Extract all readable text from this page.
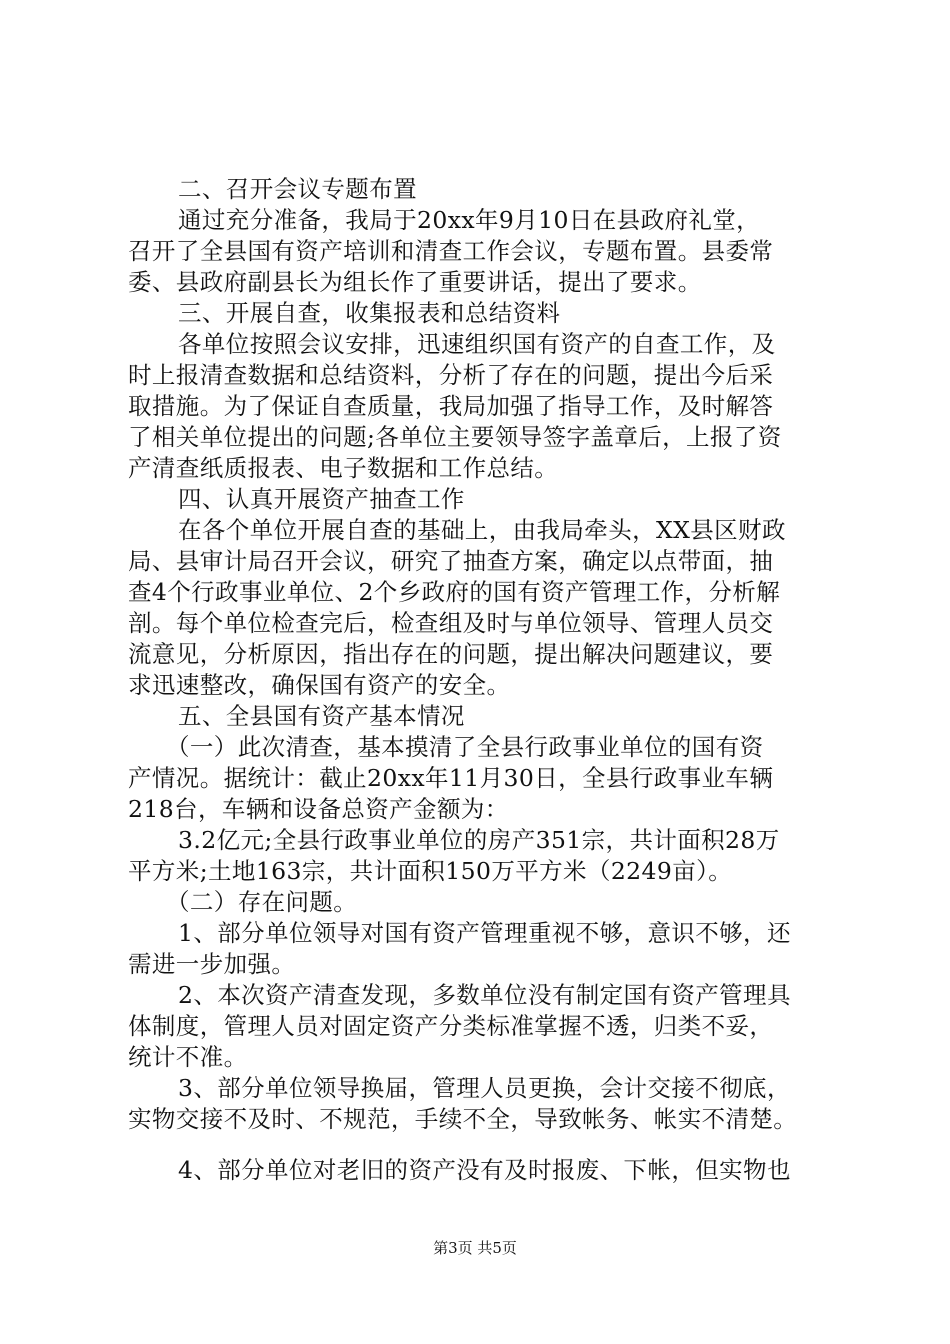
二、召开会议专题布置
通过充分准备，我局于20xx年9月10日在县政府礼堂，
召开了全县国有资产培训和清查工作会议，专题布置。县委常
委、县政府副县长为组长作了重要讲话，提出了要求。
三、开展自查，收集报表和总结资料
各单位按照会议安排，迅速组织国有资产的自查工作，及
时上报清查数据和总结资料，分析了存在的问题，提出今后采
取措施。为了保证自查质量，我局加强了指导工作，及时解答
了相关单位提出的问题;各单位主要领导签字盖章后，上报了资
产清查纸质报表、电子数据和工作总结。
四、认真开展资产抽查工作
在各个单位开展自查的基础上，由我局牵头，XX县区财政
局、县审计局召开会议，研究了抽查方案，确定以点带面，抽
查4个行政事业单位、2个乡政府的国有资产管理工作，分析解
剖。每个单位检查完后，检查组及时与单位领导、管理人员交
流意见，分析原因，指出存在的问题，提出解决问题建议，要
求迅速整改，确保国有资产的安全。
五、全县国有资产基本情况
（一）此次清查，基本摸清了全县行政事业单位的国有资
产情况。据统计：截止20xx年11月30日，全县行政事业车辆
218台，车辆和设备总资产金额为：
3.2亿元;全县行政事业单位的房产351宗，共计面积28万
平方米;土地163宗，共计面积150万平方米（2249亩）。
（二）存在问题。
1、部分单位领导对国有资产管理重视不够，意识不够，还
需进一步加强。
2、本次资产清查发现，多数单位没有制定国有资产管理具
体制度，管理人员对固定资产分类标准掌握不透，归类不妥，
统计不准。
3、部分单位领导换届，管理人员更换，会计交接不彻底，
实物交接不及时、不规范，手续不全，导致帐务、帐实不清楚。
4、部分单位对老旧的资产没有及时报废、下帐，但实物也
第3页 共5页
